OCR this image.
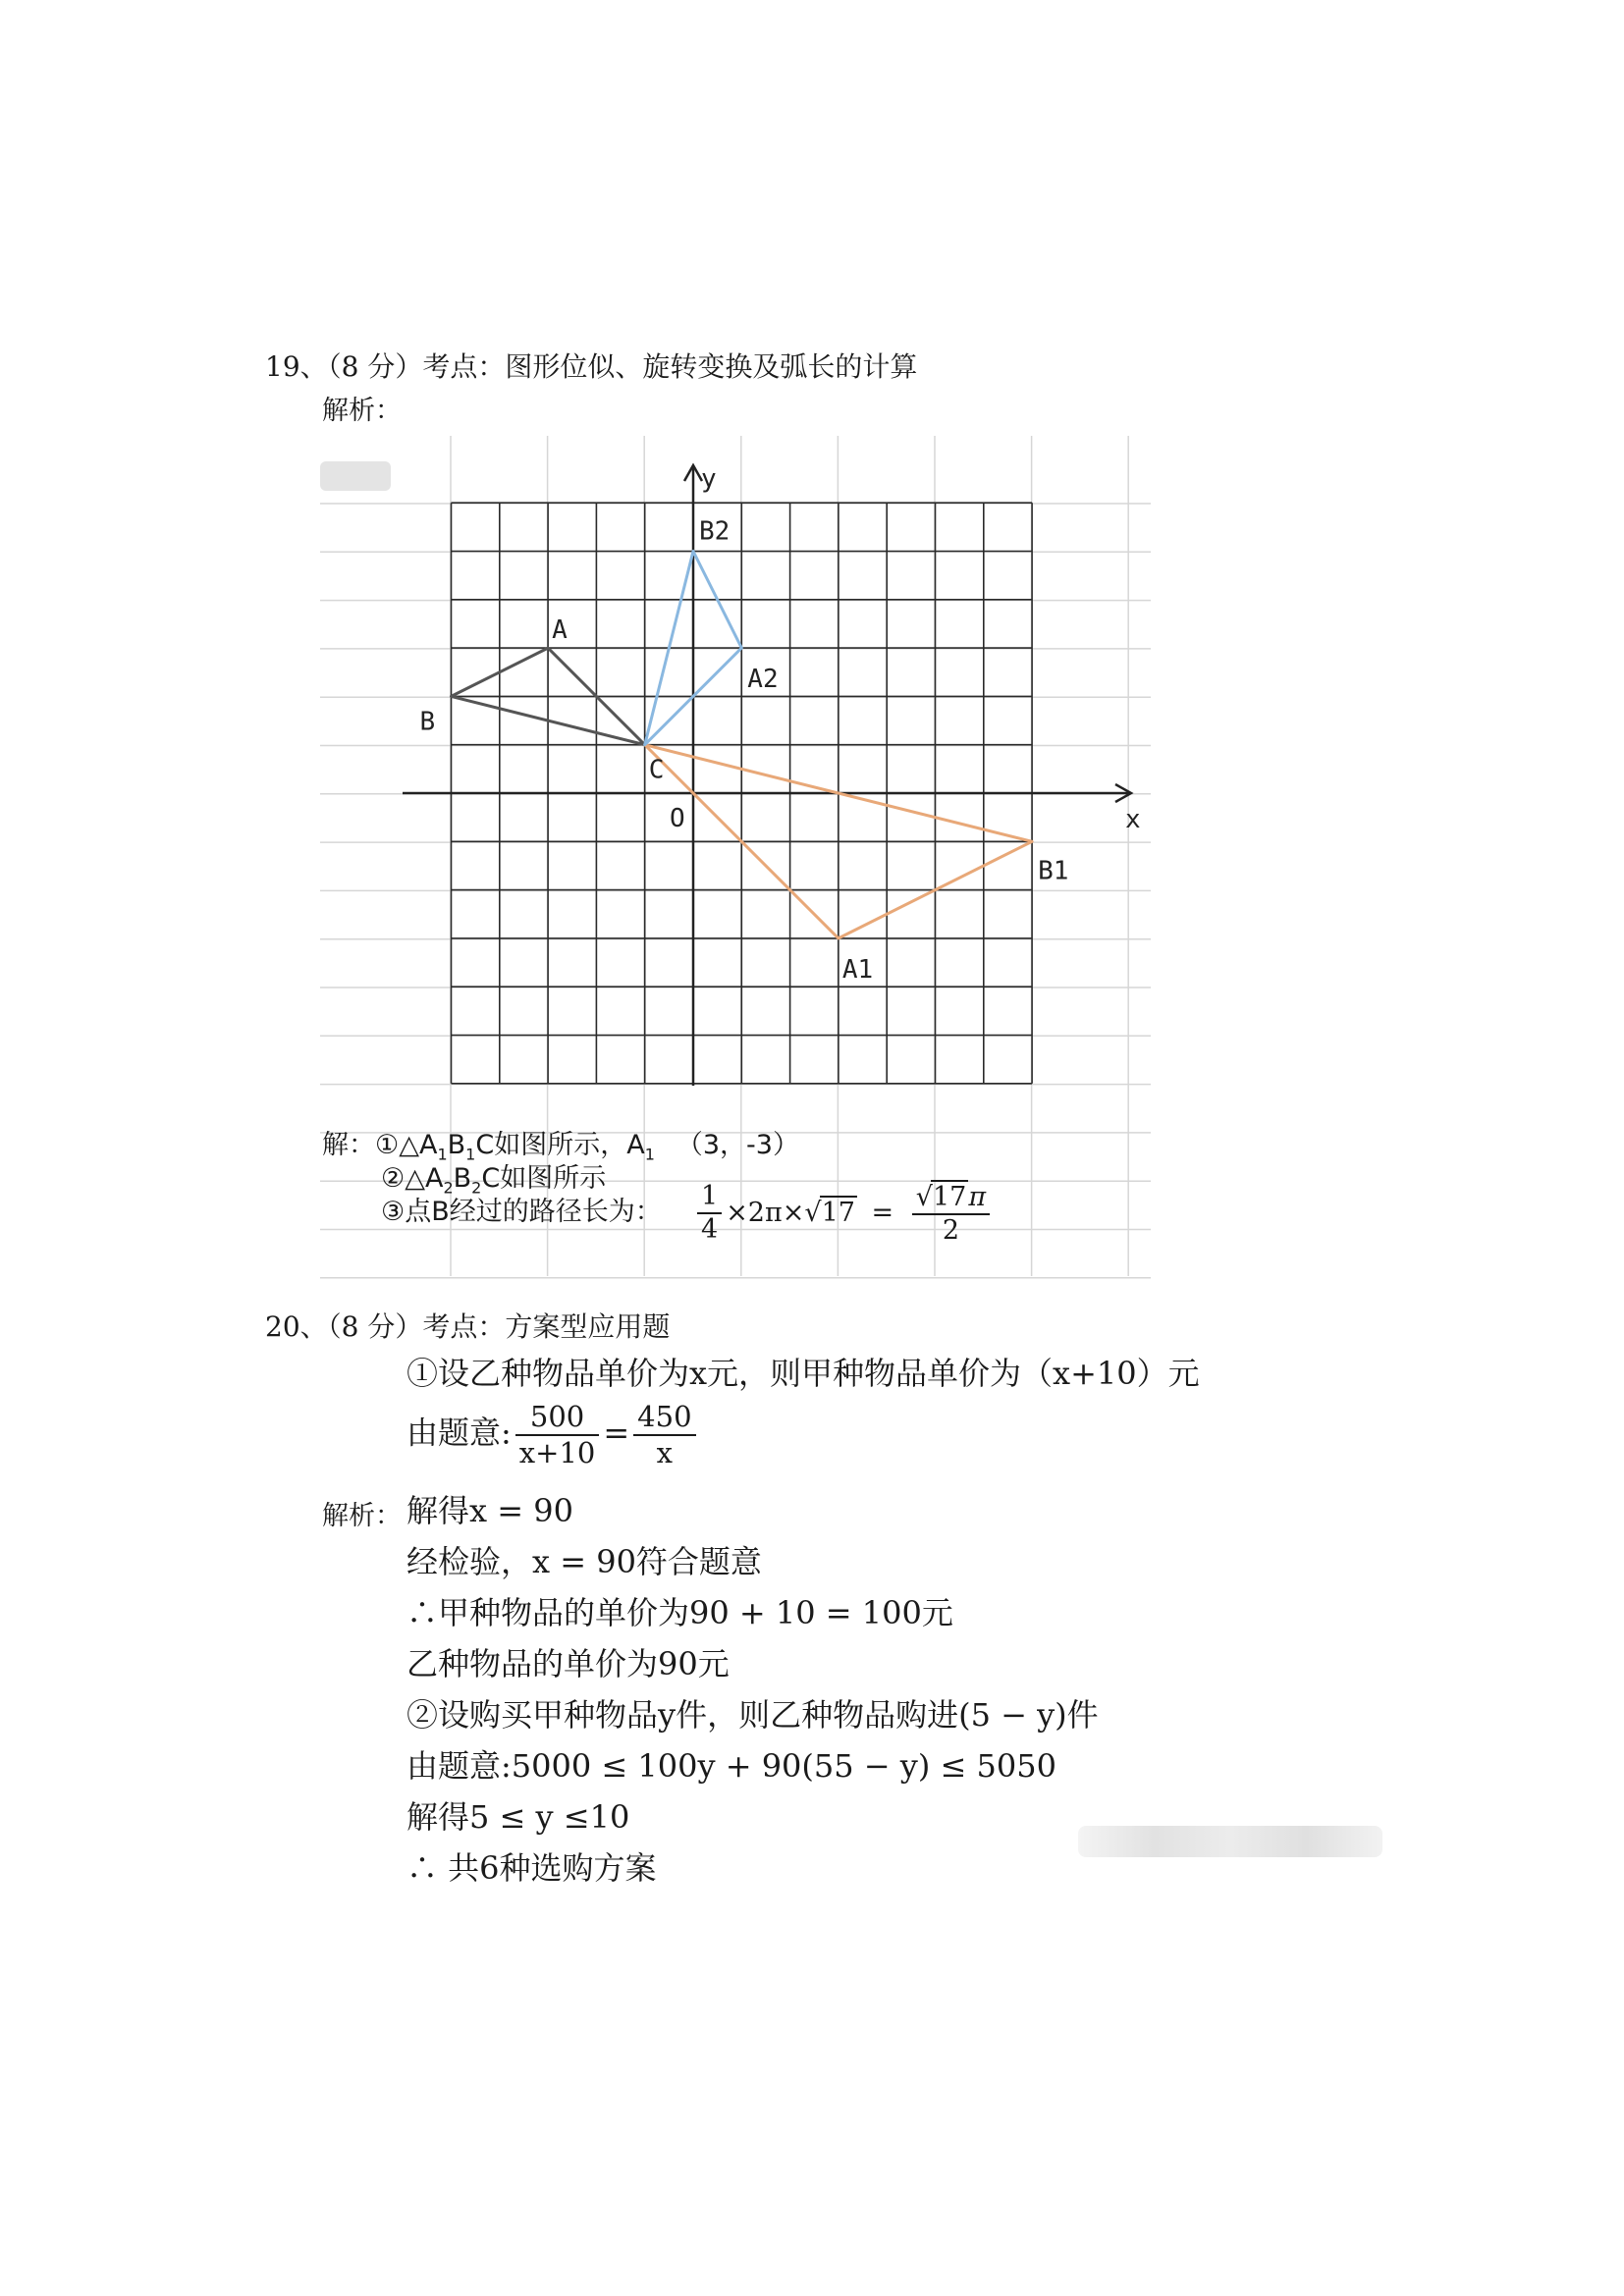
19、（8 分）考点：图形位似、旋转变换及弧长的计算
解析：
A
B
C
A1
B1
A2
B2
O	x
y
解：$①\triangle A_1B_1C$如图所示，$A_1$ （3，-3）
$②\triangle A_2B_2C$如图所示
③点B经过的路径长为： $\frac{1}{4} \times 2\pi\times√17 = \frac{√17\pi}{2}$
20、（8 分）考点：方案型应用题
①设乙种物品单价为x元，则甲种物品单价为（x+10）元
由题意: $\frac{500}{x+10} = \frac{450}{x}$
解析： 解得x = 90
经检验，x = 90符合题意
∴甲种物品的单价为90 + 10 = 100元
乙种物品的单价为90元
②设购买甲种物品y件，则乙种物品购进(5 − y)件
由题意:5000 ≤ 100y + 90(55 − y) ≤ 5050
解得5 ≤ y ≤10
∴ 共6种选购方案
